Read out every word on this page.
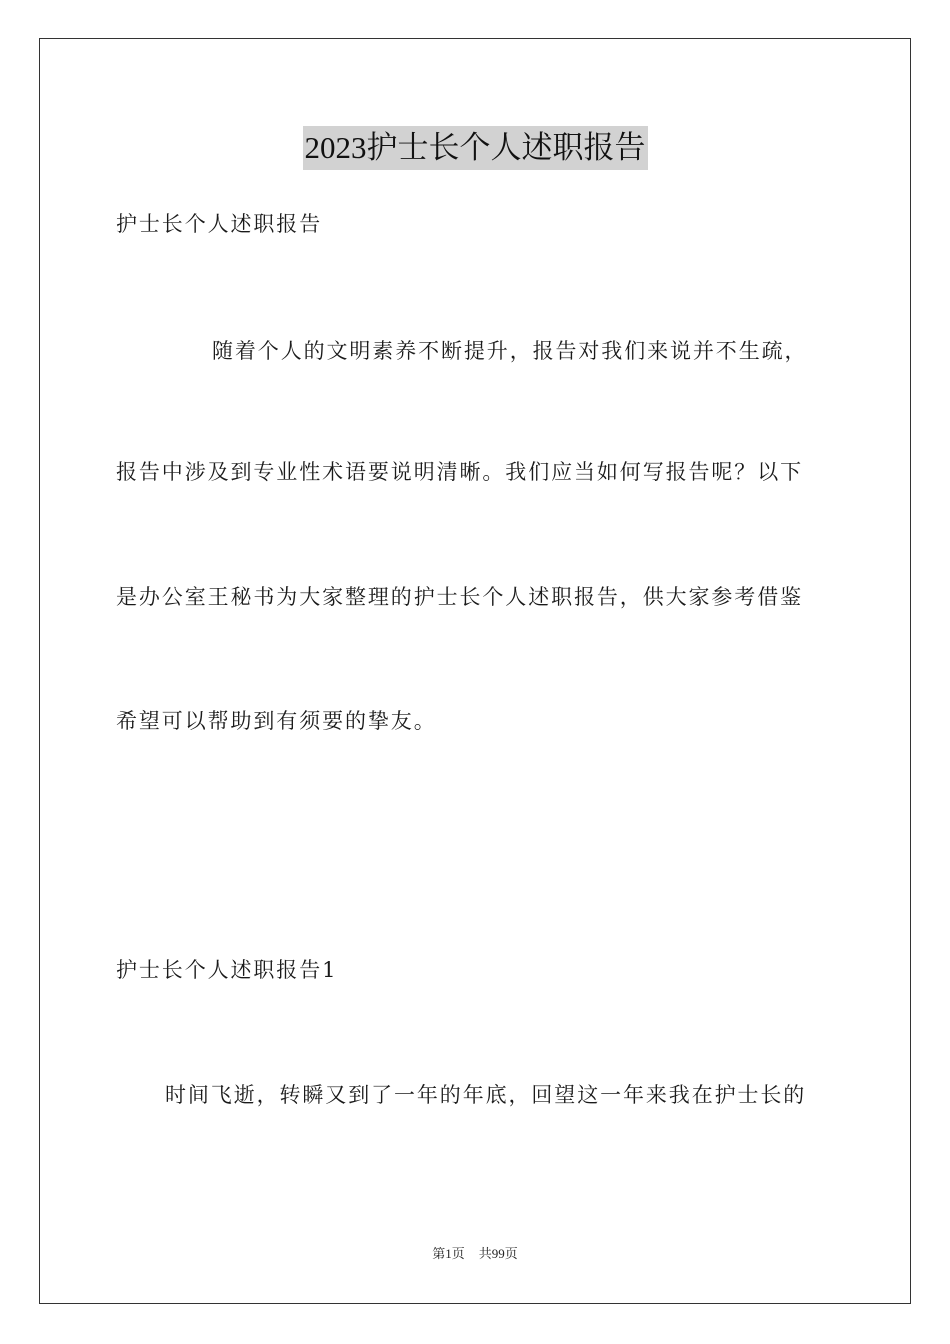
2023护士长个人述职报告
护士长个人述职报告
随着个人的文明素养不断提升，报告对我们来说并不生疏，
报告中涉及到专业性术语要说明清晰。我们应当如何写报告呢？以下
是办公室王秘书为大家整理的护士长个人述职报告，供大家参考借鉴
希望可以帮助到有须要的挚友。
护士长个人述职报告1
时间飞逝，转瞬又到了一年的年底，回望这一年来我在护士长的
第1页 共99页
